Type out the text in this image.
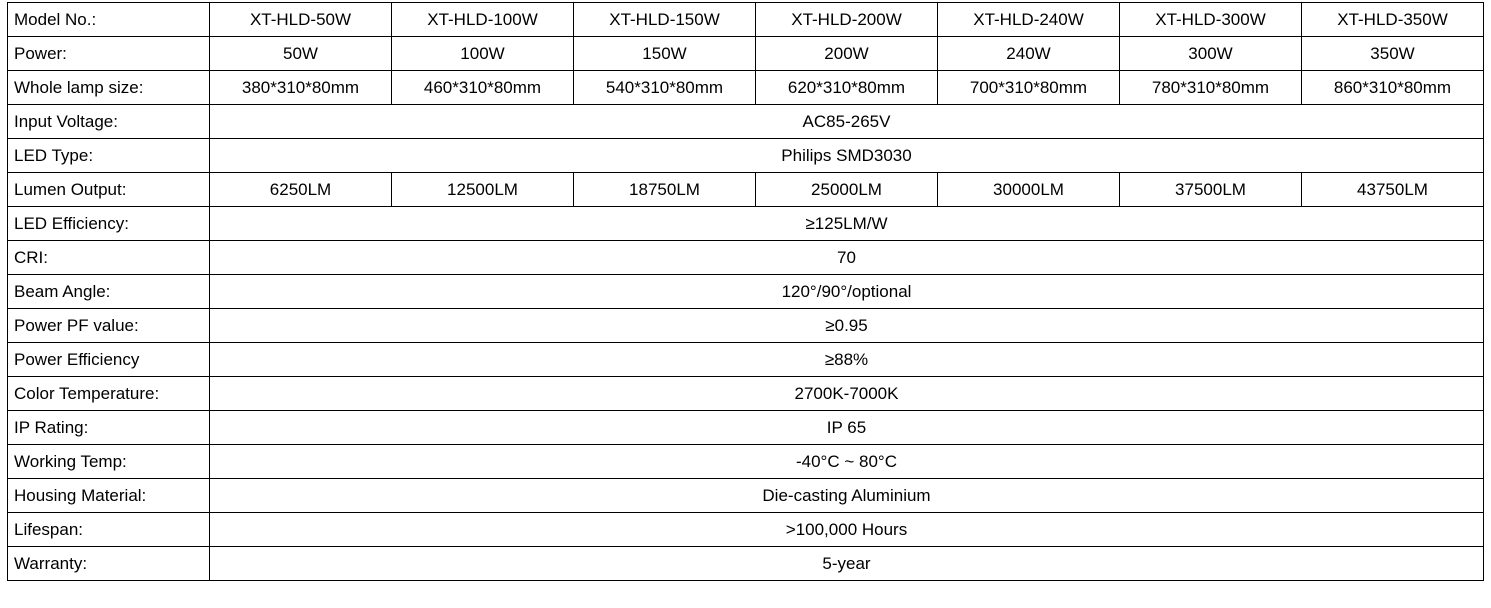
Model No.:	XT-HLD-50W	XT-HLD-100W	XT-HLD-150W	XT-HLD-200W	XT-HLD-240W	XT-HLD-300W	XT-HLD-350W
Power:	50W	100W	150W	200W	240W	300W	350W
Whole lamp size:	380*310*80mm	460*310*80mm	540*310*80mm	620*310*80mm	700*310*80mm	780*310*80mm	860*310*80mm
Input Voltage:	AC85-265V						
LED Type:	Philips SMD3030						
Lumen Output:	6250LM	12500LM	18750LM	25000LM	30000LM	37500LM	43750LM
LED Efficiency:	≥125LM/W						
CRI:	70						
Beam Angle:	120°/90°/optional						
Power PF value:	≥0.95						
Power Efficiency	≥88%						
Color Temperature:	2700K-7000K						
IP Rating:	IP 65						
Working Temp:	-40°C ~ 80°C						
Housing Material:	Die-casting Aluminium						
Lifespan:	>100,000 Hours						
Warranty:	5-year						
